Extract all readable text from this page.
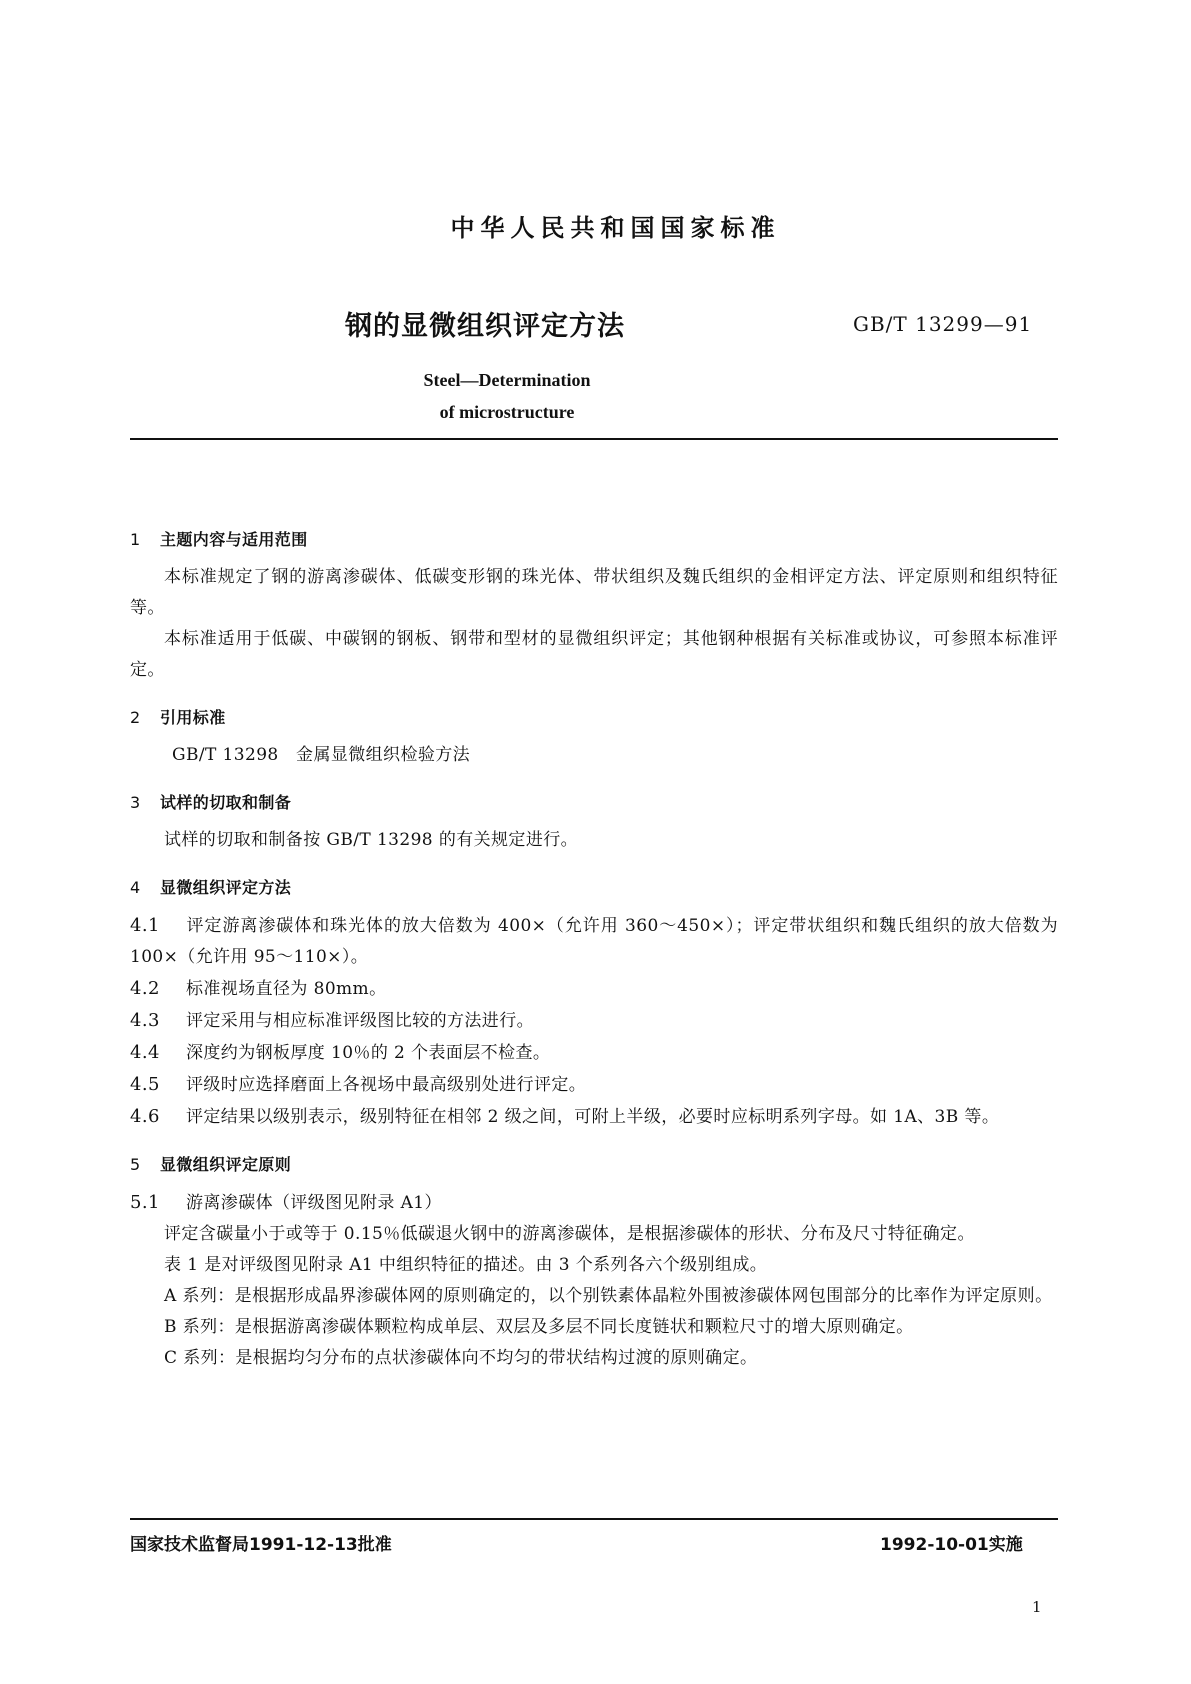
中华人民共和国国家标准
钢的显微组织评定方法	GB/T 13299—91
Steel—Determination
of microstructure
1 主题内容与适用范围

本标准规定了钢的游离渗碳体、低碳变形钢的珠光体、带状组织及魏氏组织的金相评定方法、评定原则和组织特征等。

本标准适用于低碳、中碳钢的钢板、钢带和型材的显微组织评定；其他钢种根据有关标准或协议，可参照本标准评定。

2 引用标准

GB/T 13298 金属显微组织检验方法

3 试样的切取和制备

试样的切取和制备按 GB/T 13298 的有关规定进行。

4 显微组织评定方法

4.1 评定游离渗碳体和珠光体的放大倍数为 400×（允许用 360～450×）；评定带状组织和魏氏组织的放大倍数为 100×（允许用 95～110×）。

4.2 标准视场直径为 80mm。

4.3 评定采用与相应标准评级图比较的方法进行。

4.4 深度约为钢板厚度 10％的 2 个表面层不检查。

4.5 评级时应选择磨面上各视场中最高级别处进行评定。

4.6 评定结果以级别表示，级别特征在相邻 2 级之间，可附上半级，必要时应标明系列字母。如 1A、3B 等。

5 显微组织评定原则

5.1 游离渗碳体（评级图见附录 A1）

评定含碳量小于或等于 0.15％低碳退火钢中的游离渗碳体，是根据渗碳体的形状、分布及尺寸特征确定。

表 1 是对评级图见附录 A1 中组织特征的描述。由 3 个系列各六个级别组成。

A 系列：是根据形成晶界渗碳体网的原则确定的，以个别铁素体晶粒外围被渗碳体网包围部分的比率作为评定原则。

B 系列：是根据游离渗碳体颗粒构成单层、双层及多层不同长度链状和颗粒尺寸的增大原则确定。

C 系列：是根据均匀分布的点状渗碳体向不均匀的带状结构过渡的原则确定。

国家技术监督局1991-12-13批准	1992-10-01实施
1
